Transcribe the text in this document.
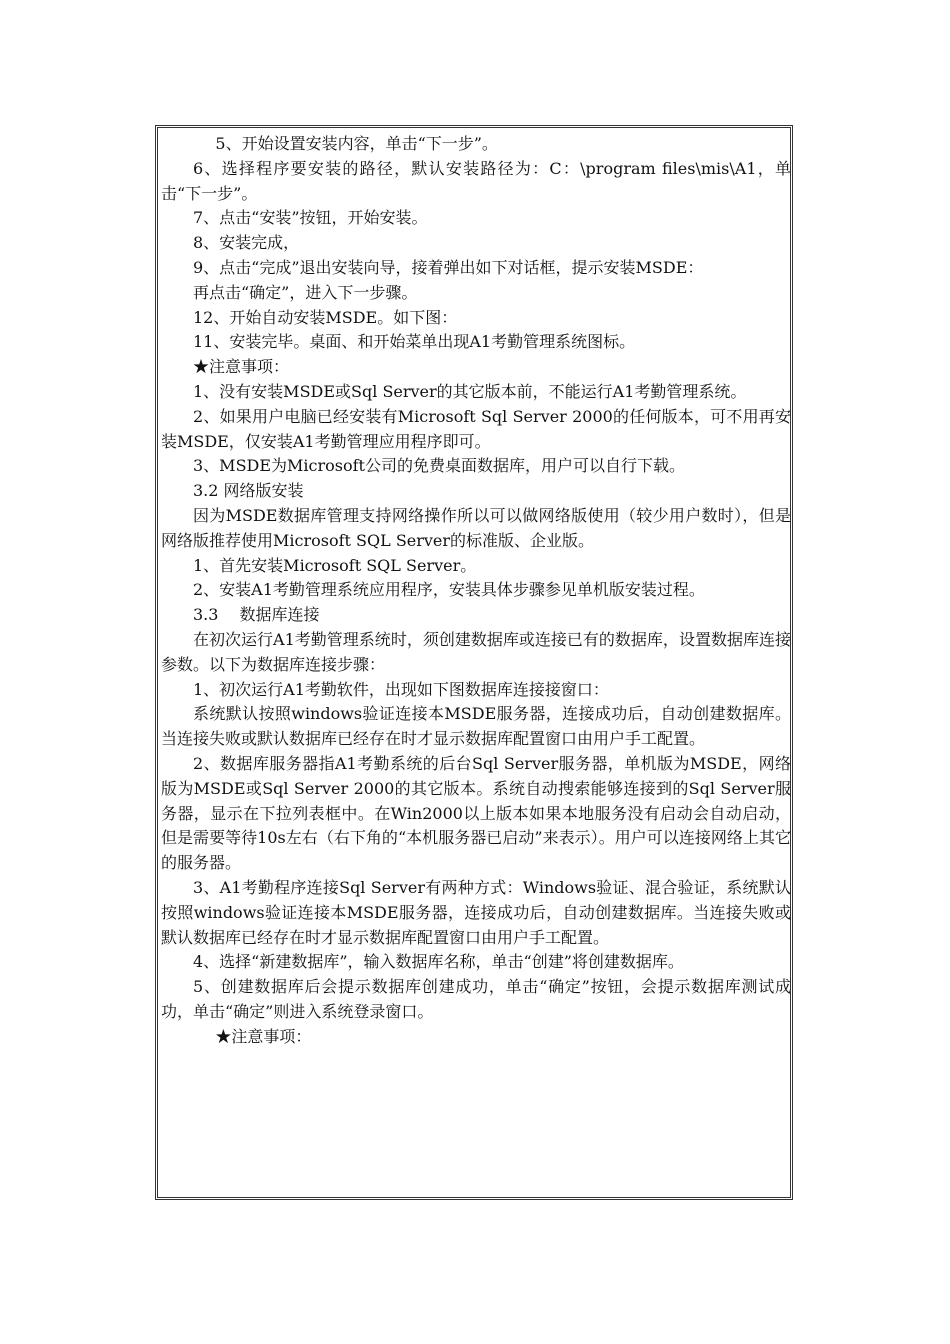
5、开始设置安装内容，单击“下一步”。

6、选择程序要安装的路径，默认安装路径为：C：\program files\mis\A1，单击“下一步”。

7、点击“安装”按钮，开始安装。

8、安装完成，

9、点击“完成”退出安装向导，接着弹出如下对话框，提示安装MSDE：

再点击“确定”，进入下一步骤。

12、开始自动安装MSDE。如下图：

11、安装完毕。桌面、和开始菜单出现A1考勤管理系统图标。

★注意事项：

1、没有安装MSDE或Sql Server的其它版本前，不能运行A1考勤管理系统。

2、如果用户电脑已经安装有Microsoft Sql Server 2000的任何版本，可不用再安装MSDE，仅安装A1考勤管理应用程序即可。

3、MSDE为Microsoft公司的免费桌面数据库，用户可以自行下载。

3.2 网络版安装

因为MSDE数据库管理支持网络操作所以可以做网络版使用（较少用户数时），但是网络版推荐使用Microsoft SQL Server的标准版、企业版。

1、首先安装Microsoft SQL Server。

2、安装A1考勤管理系统应用程序，安装具体步骤参见单机版安装过程。

3.3　 数据库连接

在初次运行A1考勤管理系统时，须创建数据库或连接已有的数据库，设置数据库连接参数。以下为数据库连接步骤：

1、初次运行A1考勤软件，出现如下图数据库连接接窗口：

系统默认按照windows验证连接本MSDE服务器，连接成功后，自动创建数据库。当连接失败或默认数据库已经存在时才显示数据库配置窗口由用户手工配置。

2、数据库服务器指A1考勤系统的后台Sql Server服务器，单机版为MSDE，网络版为MSDE或Sql Server 2000的其它版本。系统自动搜索能够连接到的Sql Server服务器，显示在下拉列表框中。在Win2000以上版本如果本地服务没有启动会自动启动，但是需要等待10s左右（右下角的“本机服务器已启动”来表示）。用户可以连接网络上其它的服务器。

3、A1考勤程序连接Sql Server有两种方式：Windows验证、混合验证，系统默认按照windows验证连接本MSDE服务器，连接成功后，自动创建数据库。当连接失败或默认数据库已经存在时才显示数据库配置窗口由用户手工配置。

4、选择“新建数据库”，输入数据库名称，单击“创建”将创建数据库。

5、创建数据库后会提示数据库创建成功，单击“确定”按钮，会提示数据库测试成功，单击“确定”则进入系统登录窗口。

★注意事项：
